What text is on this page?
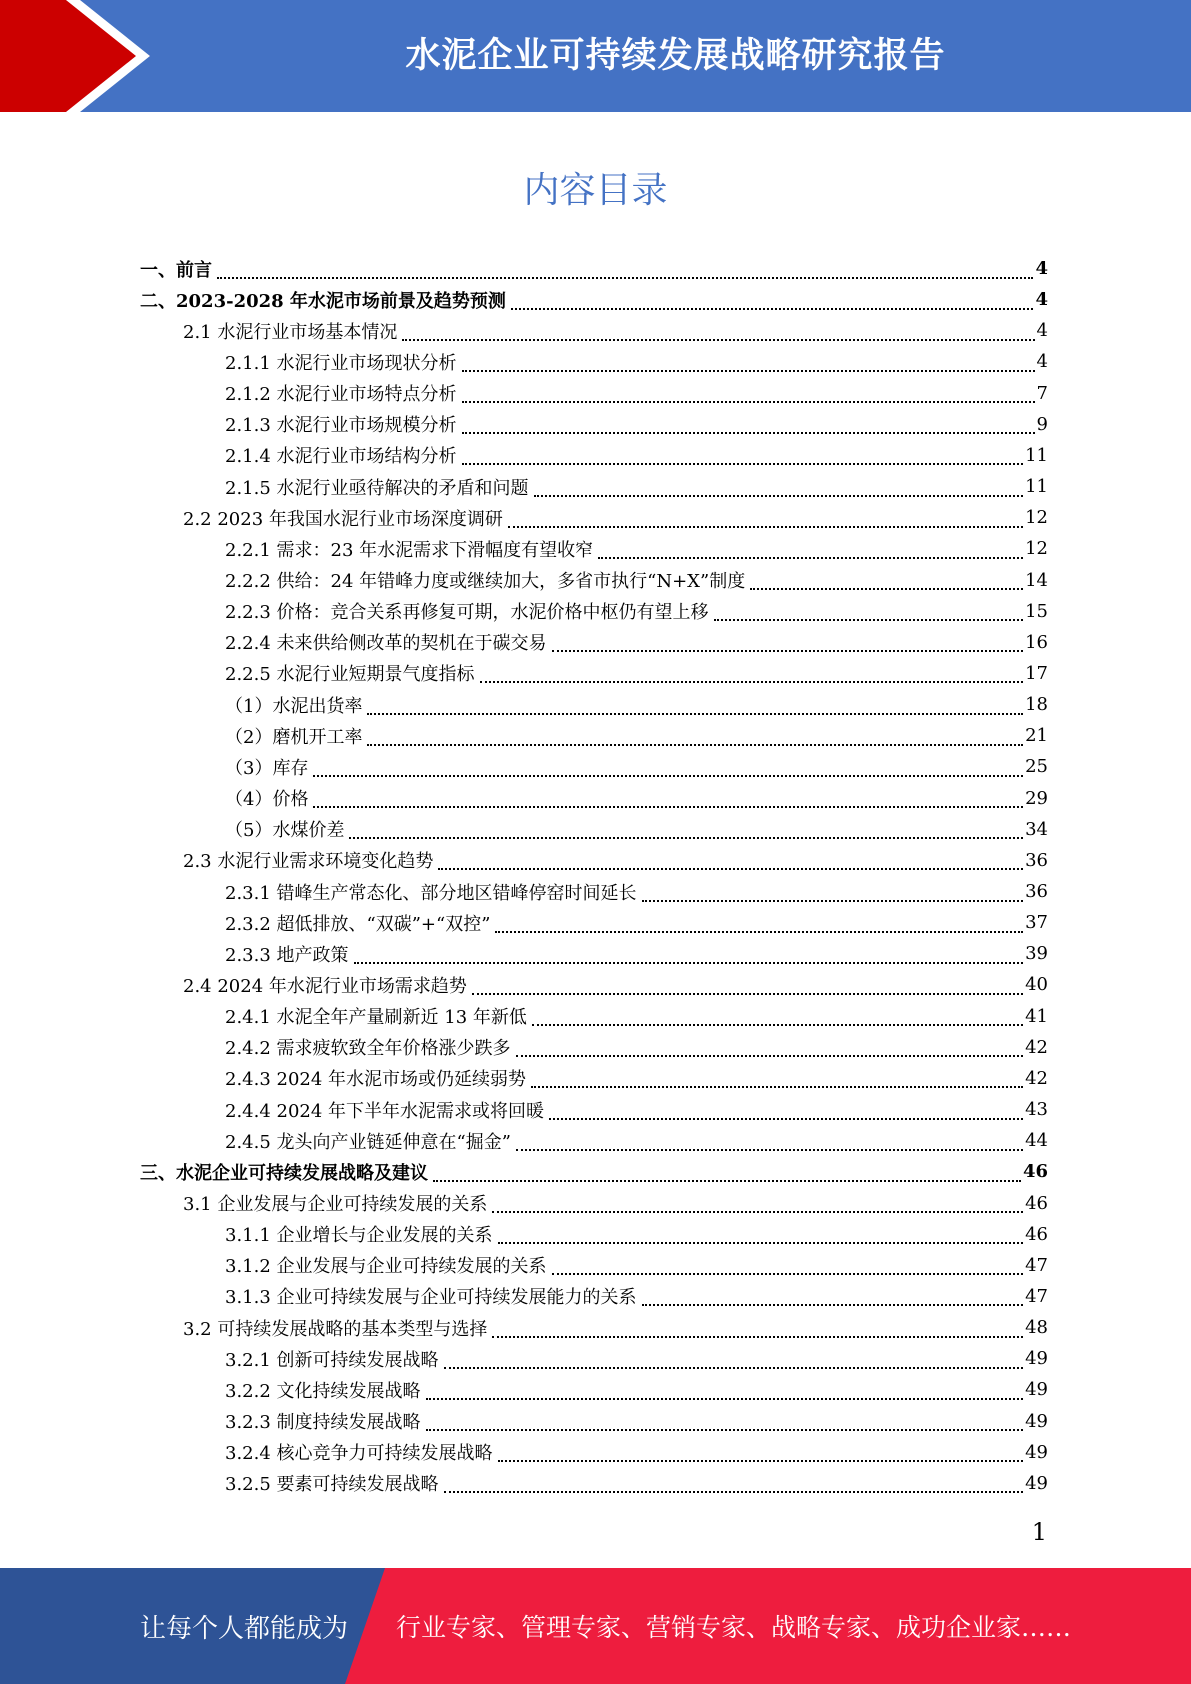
水泥企业可持续发展战略研究报告
内容目录
一、前言	4
二、2023-2028 年水泥市场前景及趋势预测	4
2.1 水泥行业市场基本情况	4
2.1.1 水泥行业市场现状分析	4
2.1.2 水泥行业市场特点分析	7
2.1.3 水泥行业市场规模分析	9
2.1.4 水泥行业市场结构分析	11
2.1.5 水泥行业亟待解决的矛盾和问题	11
2.2 2023 年我国水泥行业市场深度调研	12
2.2.1 需求：23 年水泥需求下滑幅度有望收窄	12
2.2.2 供给：24 年错峰力度或继续加大，多省市执行“N+X”制度	14
2.2.3 价格：竞合关系再修复可期，水泥价格中枢仍有望上移	15
2.2.4 未来供给侧改革的契机在于碳交易	16
2.2.5 水泥行业短期景气度指标	17
（1）水泥出货率	18
（2）磨机开工率	21
（3）库存	25
（4）价格	29
（5）水煤价差	34
2.3 水泥行业需求环境变化趋势	36
2.3.1 错峰生产常态化、部分地区错峰停窑时间延长	36
2.3.2 超低排放、“双碳”+“双控”	37
2.3.3 地产政策	39
2.4 2024 年水泥行业市场需求趋势	40
2.4.1 水泥全年产量刷新近 13 年新低	41
2.4.2 需求疲软致全年价格涨少跌多	42
2.4.3 2024 年水泥市场或仍延续弱势	42
2.4.4 2024 年下半年水泥需求或将回暖	43
2.4.5 龙头向产业链延伸意在“掘金”	44
三、水泥企业可持续发展战略及建议	46
3.1 企业发展与企业可持续发展的关系	46
3.1.1 企业增长与企业发展的关系	46
3.1.2 企业发展与企业可持续发展的关系	47
3.1.3 企业可持续发展与企业可持续发展能力的关系	47
3.2 可持续发展战略的基本类型与选择	48
3.2.1 创新可持续发展战略	49
3.2.2 文化持续发展战略	49
3.2.3 制度持续发展战略	49
3.2.4 核心竞争力可持续发展战略	49
3.2.5 要素可持续发展战略	49
1
让每个人都能成为 行业专家、管理专家、营销专家、战略专家、成功企业家……
